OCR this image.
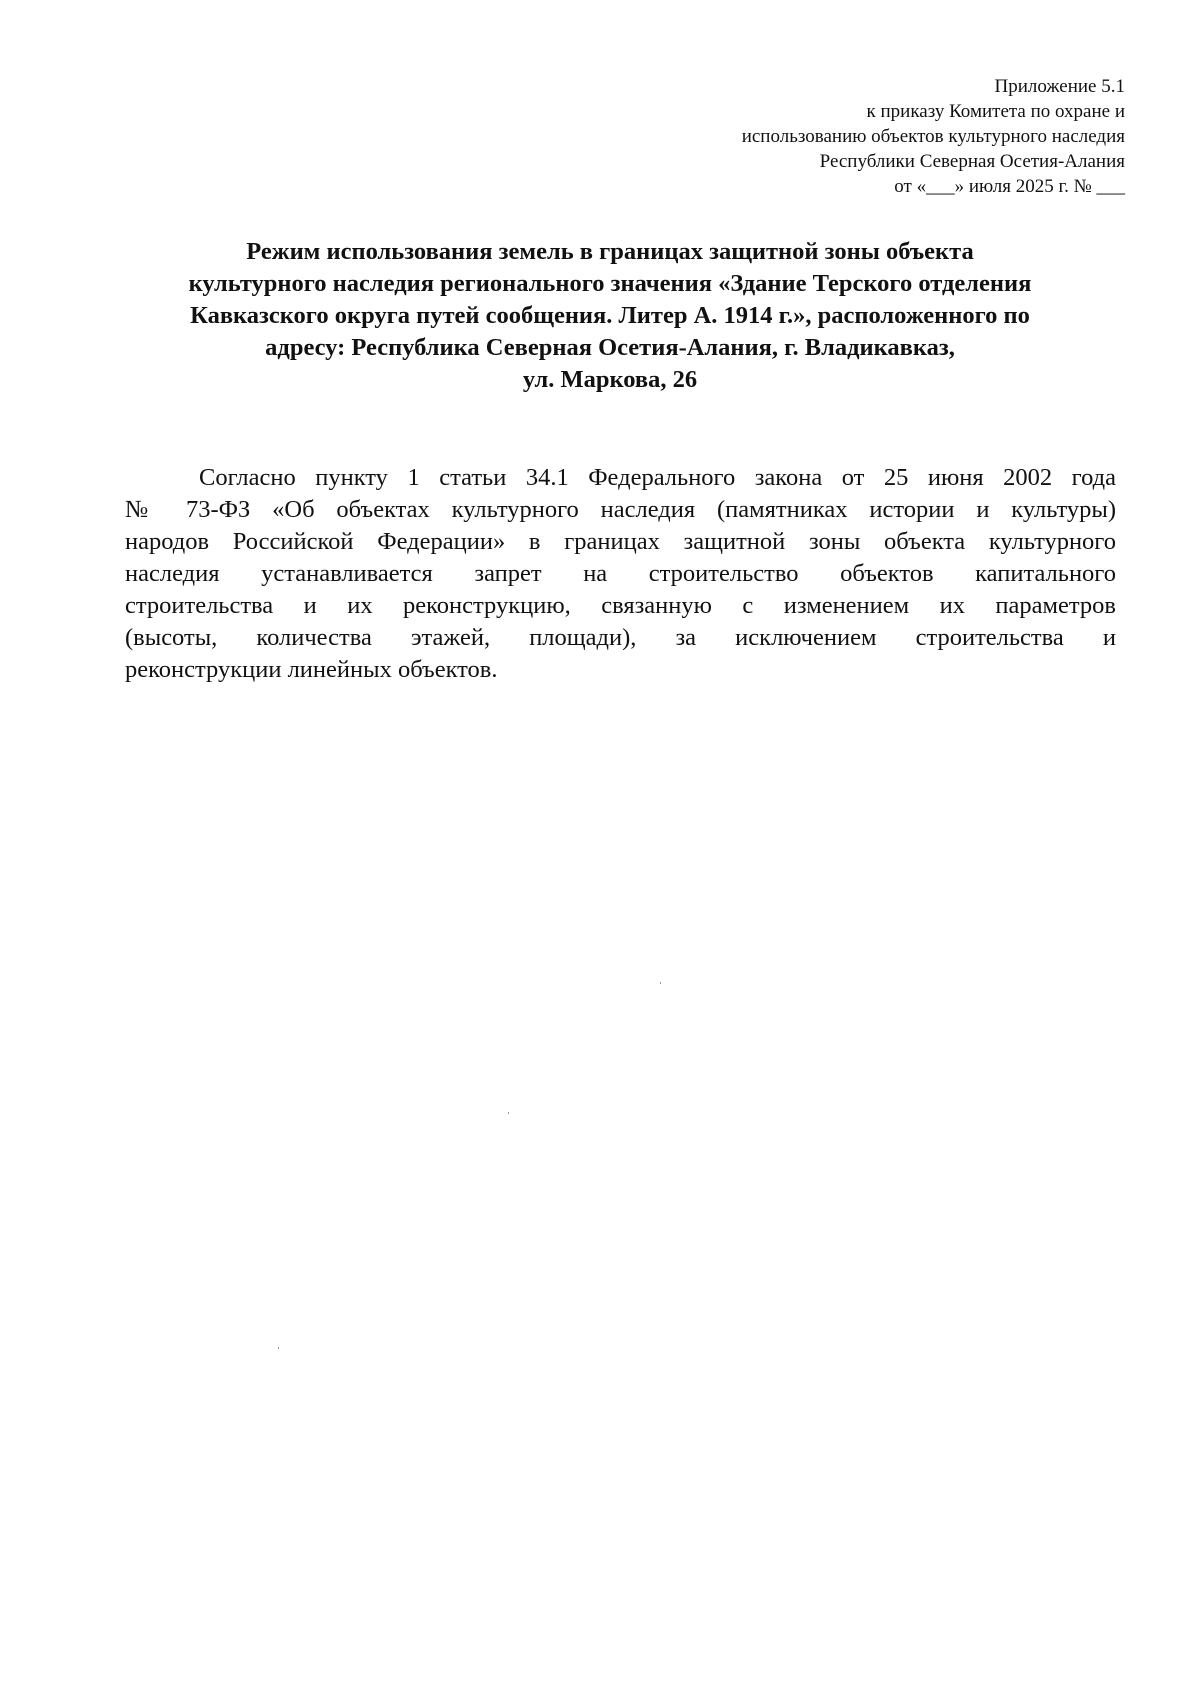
Приложение 5.1
к приказу Комитета по охране и
использованию объектов культурного наследия
Республики Северная Осетия-Алания
от «___» июля 2025 г. № ___
Режим использования земель в границах защитной зоны объекта
культурного наследия регионального значения «Здание Терского отделения
Кавказского округа путей сообщения. Литер А. 1914 г.», расположенного по
адресу: Республика Северная Осетия-Алания, г. Владикавказ,
ул. Маркова, 26
Согласно пункту 1 статьи 34.1 Федерального закона от 25 июня 2002 года
№ 73-ФЗ «Об объектах культурного наследия (памятниках истории и культуры)
народов Российской Федерации» в границах защитной зоны объекта культурного
наследия устанавливается запрет на строительство объектов капитального
строительства и их реконструкцию, связанную с изменением их параметров
(высоты, количества этажей, площади), за исключением строительства и
реконструкции линейных объектов.
